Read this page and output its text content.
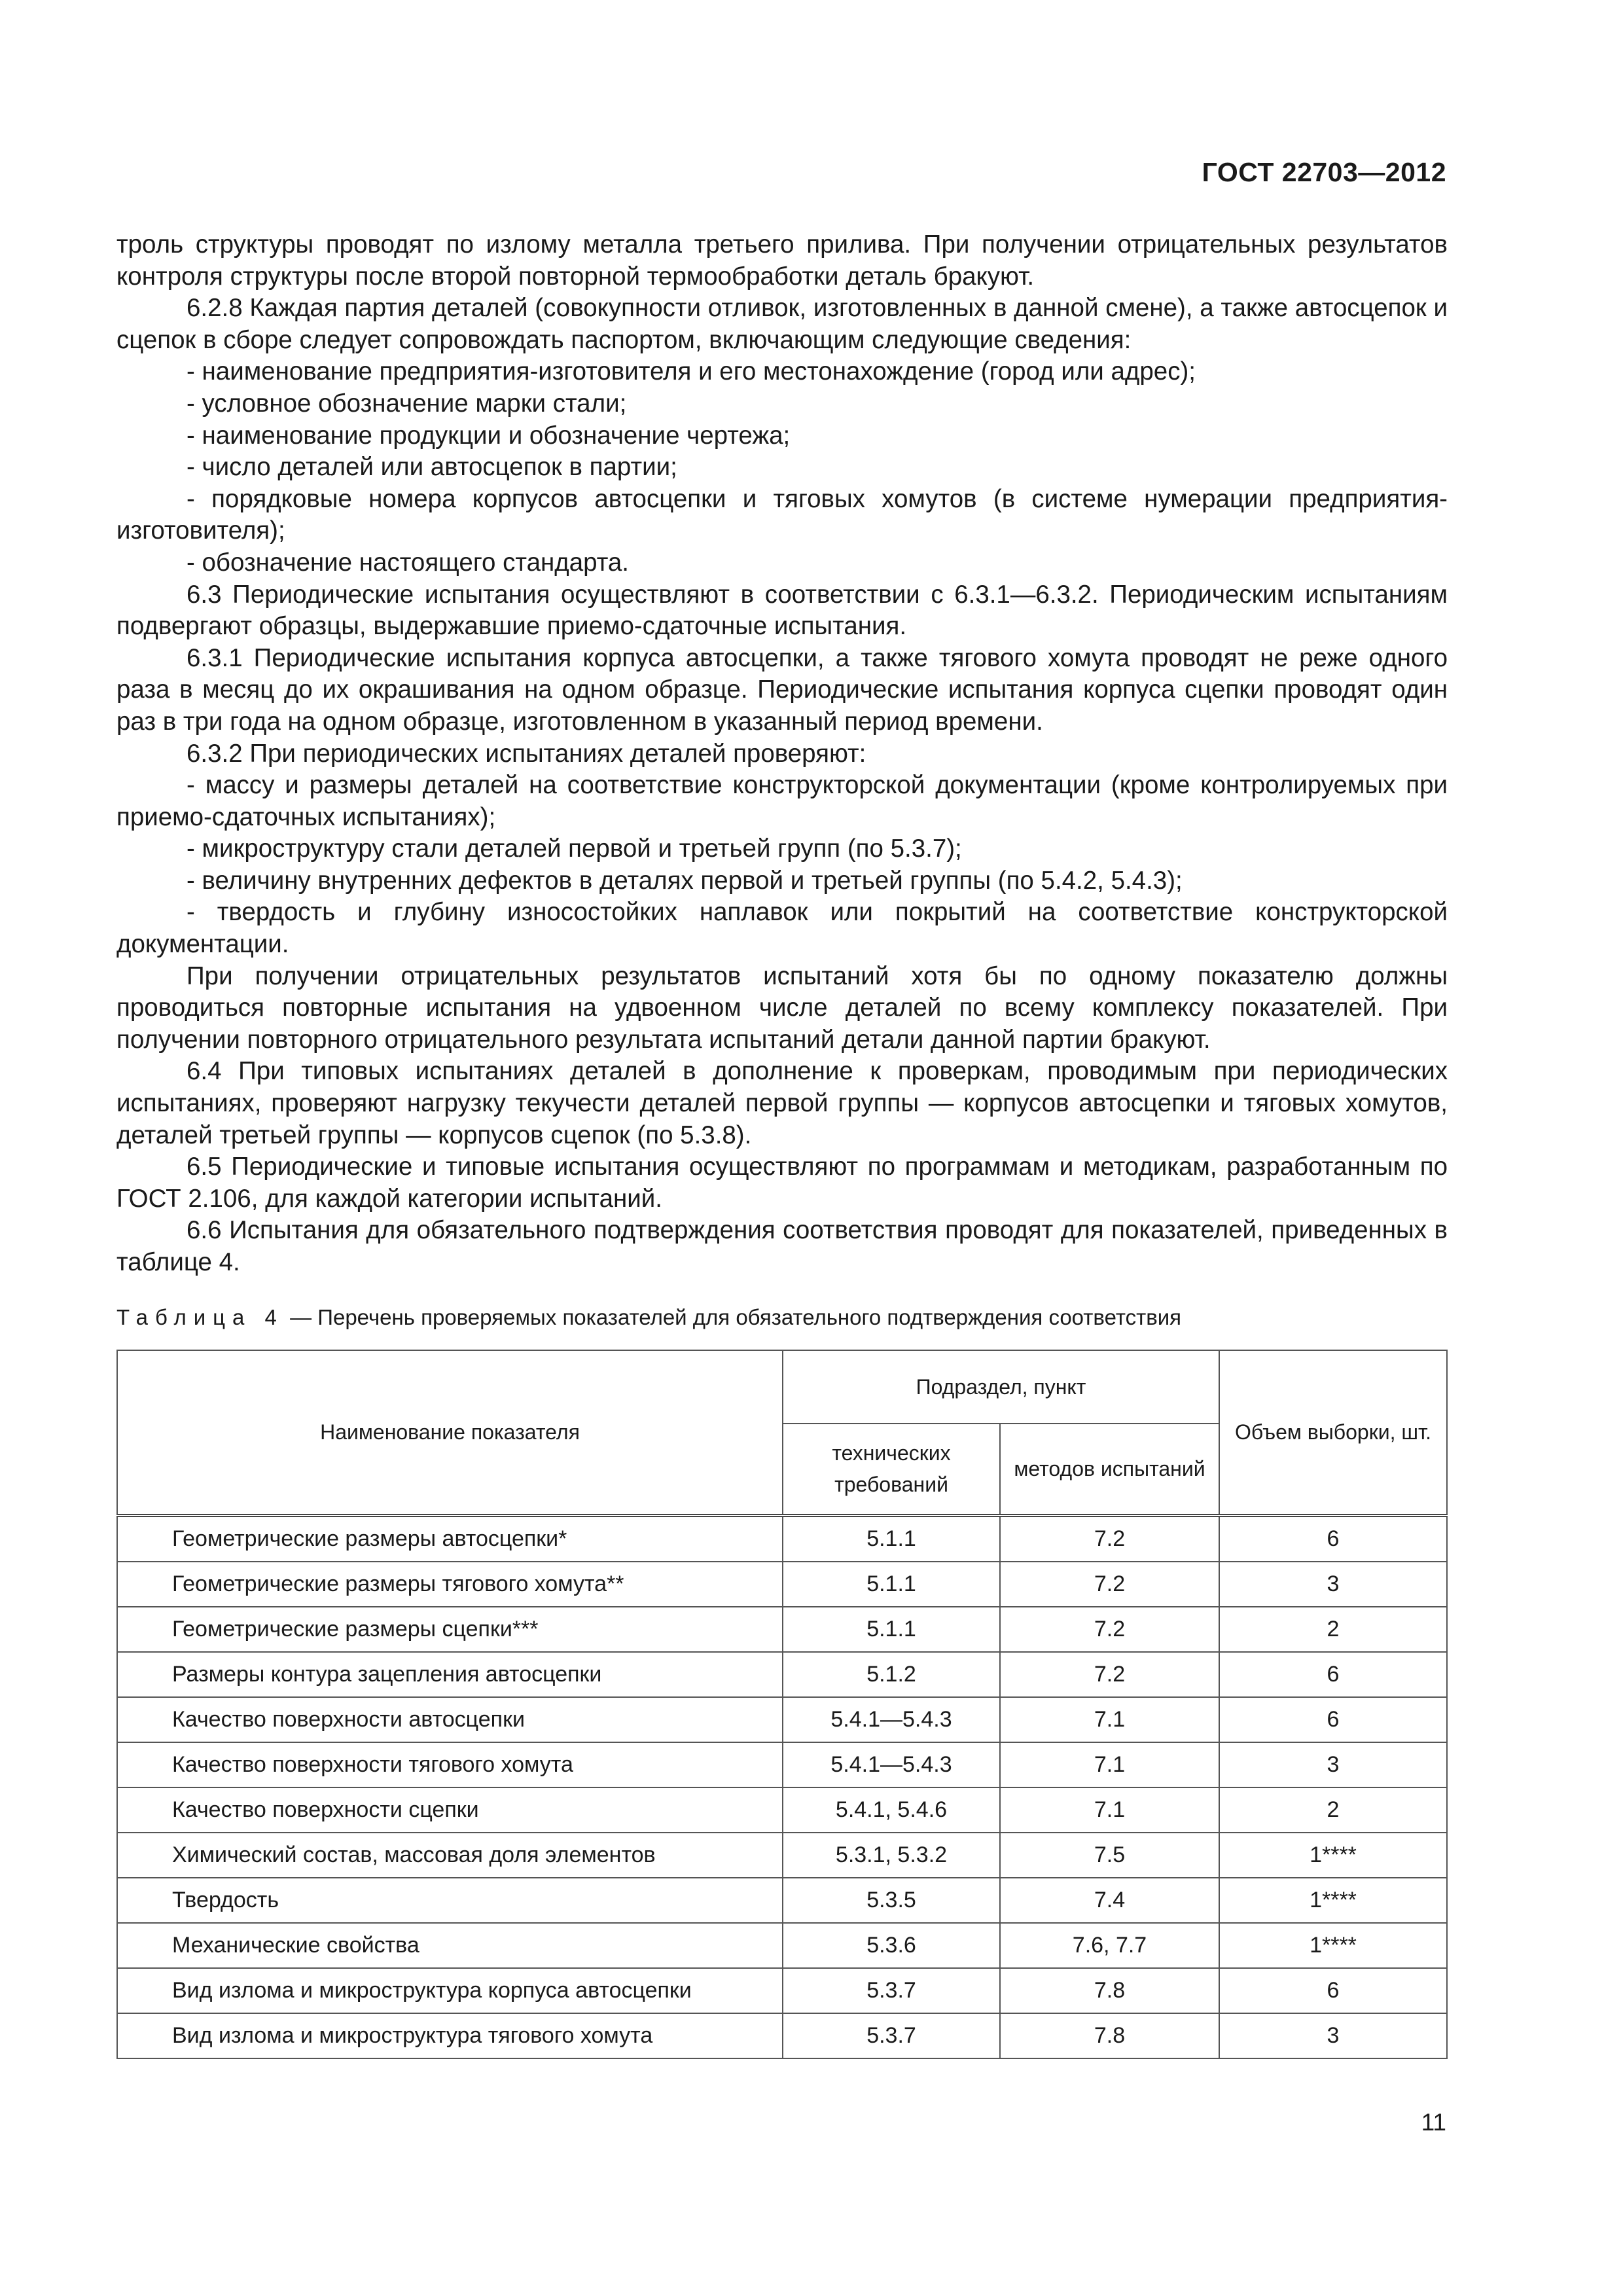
ГОСТ 22703—2012
троль структуры проводят по излому металла третьего прилива. При получении отрицательных результатов контроля структуры после второй повторной термообработки деталь бракуют.
6.2.8 Каждая партия деталей (совокупности отливок, изготовленных в данной смене), а также автосцепок и сцепок в сборе следует сопровождать паспортом, включающим следующие сведения:
- наименование предприятия-изготовителя и его местонахождение (город или адрес);
- условное обозначение марки стали;
- наименование продукции и обозначение чертежа;
- число деталей или автосцепок в партии;
- порядковые номера корпусов автосцепки и тяговых хомутов (в системе нумерации предприятия-изготовителя);
- обозначение настоящего стандарта.
6.3 Периодические испытания осуществляют в соответствии с 6.3.1—6.3.2. Периодическим испытаниям подвергают образцы, выдержавшие приемо-сдаточные испытания.
6.3.1 Периодические испытания корпуса автосцепки, а также тягового хомута проводят не реже одного раза в месяц до их окрашивания на одном образце. Периодические испытания корпуса сцепки проводят один раз в три года на одном образце, изготовленном в указанный период времени.
6.3.2 При периодических испытаниях деталей проверяют:
- массу и размеры деталей на соответствие конструкторской документации (кроме контролируемых при приемо-сдаточных испытаниях);
- микроструктуру стали деталей первой и третьей групп (по 5.3.7);
- величину внутренних дефектов в деталях первой и третьей группы (по 5.4.2, 5.4.3);
- твердость и глубину износостойких наплавок или покрытий на соответствие конструкторской документации.
При получении отрицательных результатов испытаний хотя бы по одному показателю должны проводиться повторные испытания на удвоенном числе деталей по всему комплексу показателей. При получении повторного отрицательного результата испытаний детали данной партии бракуют.
6.4 При типовых испытаниях деталей в дополнение к проверкам, проводимым при периодических испытаниях, проверяют нагрузку текучести деталей первой группы — корпусов автосцепки и тяговых хомутов, деталей третьей группы — корпусов сцепок (по 5.3.8).
6.5 Периодические и типовые испытания осуществляют по программам и методикам, разработанным по ГОСТ 2.106, для каждой категории испытаний.
6.6 Испытания для обязательного подтверждения соответствия проводят для показателей, приведенных в таблице 4.
Таблица 4 — Перечень проверяемых показателей для обязательного подтверждения соответствия
Наименование показателя	Подраздел, пункт		Объем выборки, шт.

	технических требований	методов испытаний	
Геометрические размеры автосцепки*	5.1.1	7.2	6
Геометрические размеры тягового хомута**	5.1.1	7.2	3
Геометрические размеры сцепки***	5.1.1	7.2	2
Размеры контура зацепления автосцепки	5.1.2	7.2	6
Качество поверхности автосцепки	5.4.1—5.4.3	7.1	6
Качество поверхности тягового хомута	5.4.1—5.4.3	7.1	3
Качество поверхности сцепки	5.4.1, 5.4.6	7.1	2
Химический состав, массовая доля элементов	5.3.1, 5.3.2	7.5	1****
Твердость	5.3.5	7.4	1****
Механические свойства	5.3.6	7.6, 7.7	1****
Вид излома и микроструктура корпуса автосцепки	5.3.7	7.8	6
Вид излома и микроструктура тягового хомута	5.3.7	7.8	3
11
